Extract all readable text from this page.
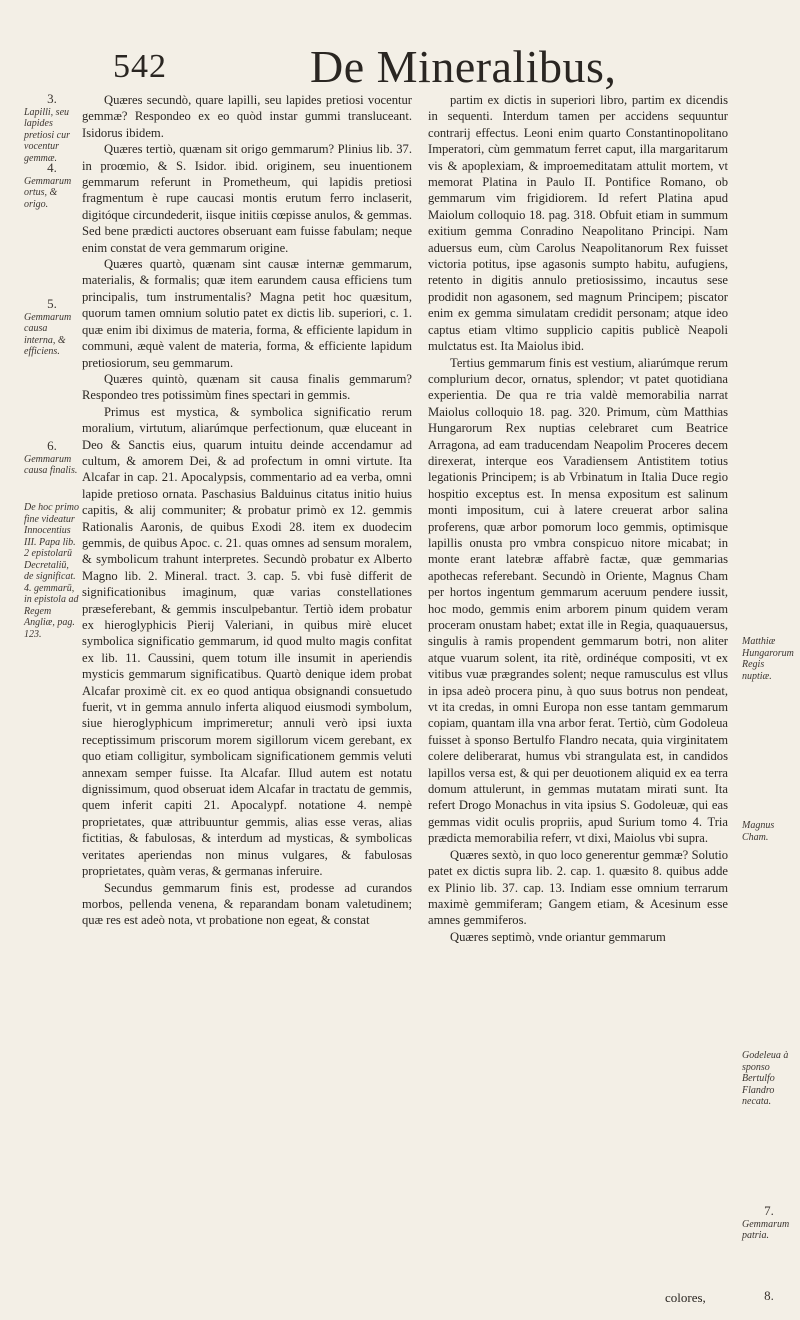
542	De Mineralibus,
3.
Lapilli, seu lapides pretiosi cur vocentur gemmæ.
4.
Gemmarum ortus, & origo.
5.
Gemmarum causa interna, & efficiens.
6.
Gemmarum causa finalis.
De hoc primo fine videatur Innocentius III. Papa lib. 2 epistolarū Decretaliū, de significat. 4. gemmarū, in epistola ad Regem Angliæ, pag. 123.

Quæres secundò, quare lapilli, seu lapides pretiosi vocentur gemmæ? Respondeo ex eo quòd instar gummi transluceant. Isidorus ibidem.

Quæres tertiò, quænam sit origo gemmarum? Plinius lib. 37. in proœmio, & S. Isidor. ibid. originem, seu inuentionem gemmarum referunt in Prometheum, qui lapidis pretiosi fragmentum è rupe caucasi montis erutum ferro inclaserit, digitóque circundederit, iisque initiis cœpisse anulos, & gemmas. Sed bene prædicti auctores obseruant eam fuisse fabulam; neque enim constat de vera gemmarum origine.

Quæres quartò, quænam sint causæ internæ gemmarum, materialis, & formalis; quæ item earundem causa efficiens tum principalis, tum instrumentalis? Magna petit hoc quæsitum, quorum tamen omnium solutio patet ex dictis lib. superiori, c. 1. quæ enim ibi diximus de materia, forma, & efficiente lapidum in communi, æquè valent de materia, forma, & efficiente lapidum pretiosiorum, seu gemmarum.

Quæres quintò, quænam sit causa finalis gemmarum? Respondeo tres potissimùm fines spectari in gemmis.

Primus est mystica, & symbolica significatio rerum moralium, virtutum, aliarúmque perfectionum, quæ eluceant in Deo & Sanctis eius, quarum intuitu deinde accendamur ad cultum, & amorem Dei, & ad profectum in omni virtute. Ita Alcafar in cap. 21. Apocalypsis, commentario ad ea verba, omni lapide pretioso ornata. Paschasius Balduinus citatus initio huius capitis, & alij communiter; & probatur primò ex 12. gemmis Rationalis Aaronis, de quibus Exodi 28. item ex duodecim gemmis, de quibus Apoc. c. 21. quas omnes ad sensum moralem, & symbolicum trahunt interpretes. Secundò probatur ex Alberto Magno lib. 2. Mineral. tract. 3. cap. 5. vbi fusè differit de significationibus imaginum, quæ varias constellationes præseferebant, & gemmis insculpebantur. Tertiò idem probatur ex hieroglyphicis Pierij Valeriani, in quibus mirè elucet symbolica significatio gemmarum, id quod multo magis confitat ex lib. 11. Caussini, quem totum ille insumit in aperiendis mysticis gemmarum significatibus. Quartò denique idem probat Alcafar proximè cit. ex eo quod antiqua obsignandi consuetudo fuerit, vt in gemma annulo inferta aliquod eiusmodi symbolum, siue hieroglyphicum imprimeretur; annuli verò ipsi iuxta receptissimum priscorum morem sigillorum vicem gerebant, ex quo etiam colligitur, symbolicam significationem gemmis veluti annexam semper fuisse. Ita Alcafar. Illud autem est notatu dignissimum, quod obseruat idem Alcafar in tractatu de gemmis, quem inferit capiti 21. Apocalypf. notatione 4. nempè proprietates, quæ attribuuntur gemmis, alias esse veras, alias fictitias, & fabulosas, & interdum ad mysticas, & symbolicas veritates aperiendas non minus vulgares, & fabulosas proprietates, quàm veras, & germanas inferuire.

Secundus gemmarum finis est, prodesse ad curandos morbos, pellenda venena, & reparandam bonam valetudinem; quæ res est adeò nota, vt probatione non egeat, & constat

partim ex dictis in superiori libro, partim ex dicendis in sequenti. Interdum tamen per accidens sequuntur contrarij effectus. Leoni enim quarto Constantinopolitano Imperatori, cùm gemmatum ferret caput, illa margaritarum vis & apoplexiam, & improemeditatam attulit mortem, vt memorat Platina in Paulo II. Pontifice Romano, ob gemmarum vim frigidiorem. Id refert Platina apud Maiolum colloquio 18. pag. 318. Obfuit etiam in summum exitium gemma Conradino Neapolitano Principi. Nam aduersus eum, cùm Carolus Neapolitanorum Rex fuisset victoria potitus, ipse agasonis sumpto habitu, aufugiens, retento in digitis annulo pretiosissimo, incautus sese prodidit non agasonem, sed magnum Principem; piscator enim ex gemma simulatam credidit personam; atque ideo captus etiam vltimo supplicio capitis publicè Neapoli mulctatus est. Ita Maiolus ibid.

Tertius gemmarum finis est vestium, aliarúmque rerum complurium decor, ornatus, splendor; vt patet quotidiana experientia. De qua re tria valdè memorabilia narrat Maiolus colloquio 18. pag. 320. Primum, cùm Matthias Hungarorum Rex nuptias celebraret cum Beatrice Arragona, ad eam traducendam Neapolim Proceres decem direxerat, interque eos Varadiensem Antistitem totius legationis Principem; is ab Vrbinatum in Italia Duce regio hospitio exceptus est. In mensa expositum est salinum monti impositum, cui à latere creuerat arbor salina proferens, quæ arbor pomorum loco gemmis, optimisque lapillis onusta pro vmbra conspicuo nitore micabat; in monte erant latebræ affabrè factæ, quæ gemmarias apothecas referebant. Secundò in Oriente, Magnus Cham per hortos ingentum gemmarum aceruum pendere iussit, hoc modo, gemmis enim arborem pinum quidem veram proceram onustam habet; extat ille in Regia, quaquauersus, singulis à ramis propendent gemmarum botri, non aliter atque vuarum solent, ita ritè, ordinéque compositi, vt ex vitibus vuæ prægrandes solent; neque ramusculus est vllus in ipsa adeò procera pinu, à quo suus botrus non pendeat, vt ita credas, in omni Europa non esse tantam gemmarum copiam, quantam illa vna arbor ferat. Tertiò, cùm Godoleua fuisset à sponso Bertulfo Flandro necata, quia virginitatem colere deliberarat, humus vbi strangulata est, in candidos lapillos versa est, & qui per deuotionem aliquid ex ea terra domum attulerunt, in gemmas mutatam mirati sunt. Ita refert Drogo Monachus in vita ipsius S. Godoleuæ, qui eas gemmas vidit oculis propriis, apud Surium tomo 4. Tria prædicta memorabilia referr, vt dixi, Maiolus vbi supra.

Quæres sextò, in quo loco generentur gemmæ? Solutio patet ex dictis supra lib. 2. cap. 1. quæsito 8. quibus adde ex Plinio lib. 37. cap. 13. Indiam esse omnium terrarum maximè gemmiferam; Gangem etiam, & Acesinum esse amnes gemmiferos.

Quæres septimò, vnde oriantur gemmarum

colores,
Matthiæ Hungarorum Regis nuptiæ.
Magnus Cham.
Godeleua à sponso Bertulfo Flandro necata.
7.
Gemmarum patria.
8.
